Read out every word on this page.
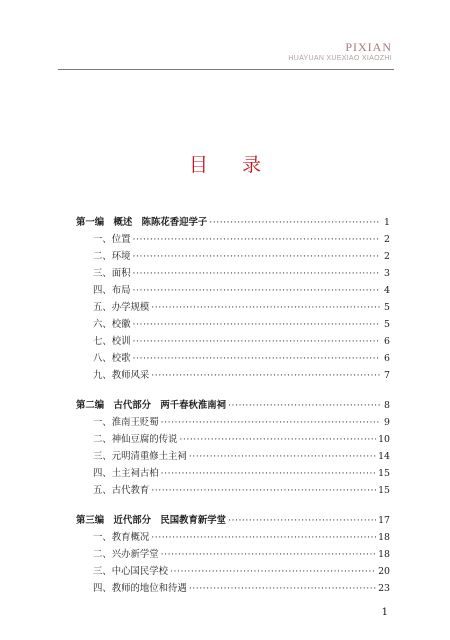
PIXIAN
HUAYUAN XUEXIAO XIAOZHI
目 录
第一编　概述　陈陈花香迎学子 ·····	1
一、位置 ·····	2
二、环境 ·····	2
三、面积 ·····	3
四、布局 ·····	4
五、办学规模 ·····	5
六、校徽 ·····	5
七、校训 ·····	6
八、校歌 ·····	6
九、教师风采 ·····	7
第二编　古代部分　两千春秋淮南祠 ·····	8
一、淮南王贬蜀 ·····	9
二、神仙豆腐的传说 ·····	10
三、元明清重修土主祠 ·····	14
四、土主祠古柏 ·····	15
五、古代教育 ·····	15
第三编　近代部分　民国教育新学堂 ·····	17
一、教育概况 ·····	18
二、兴办新学堂 ·····	18
三、中心国民学校 ·····	20
四、教师的地位和待遇 ·····	23
1
